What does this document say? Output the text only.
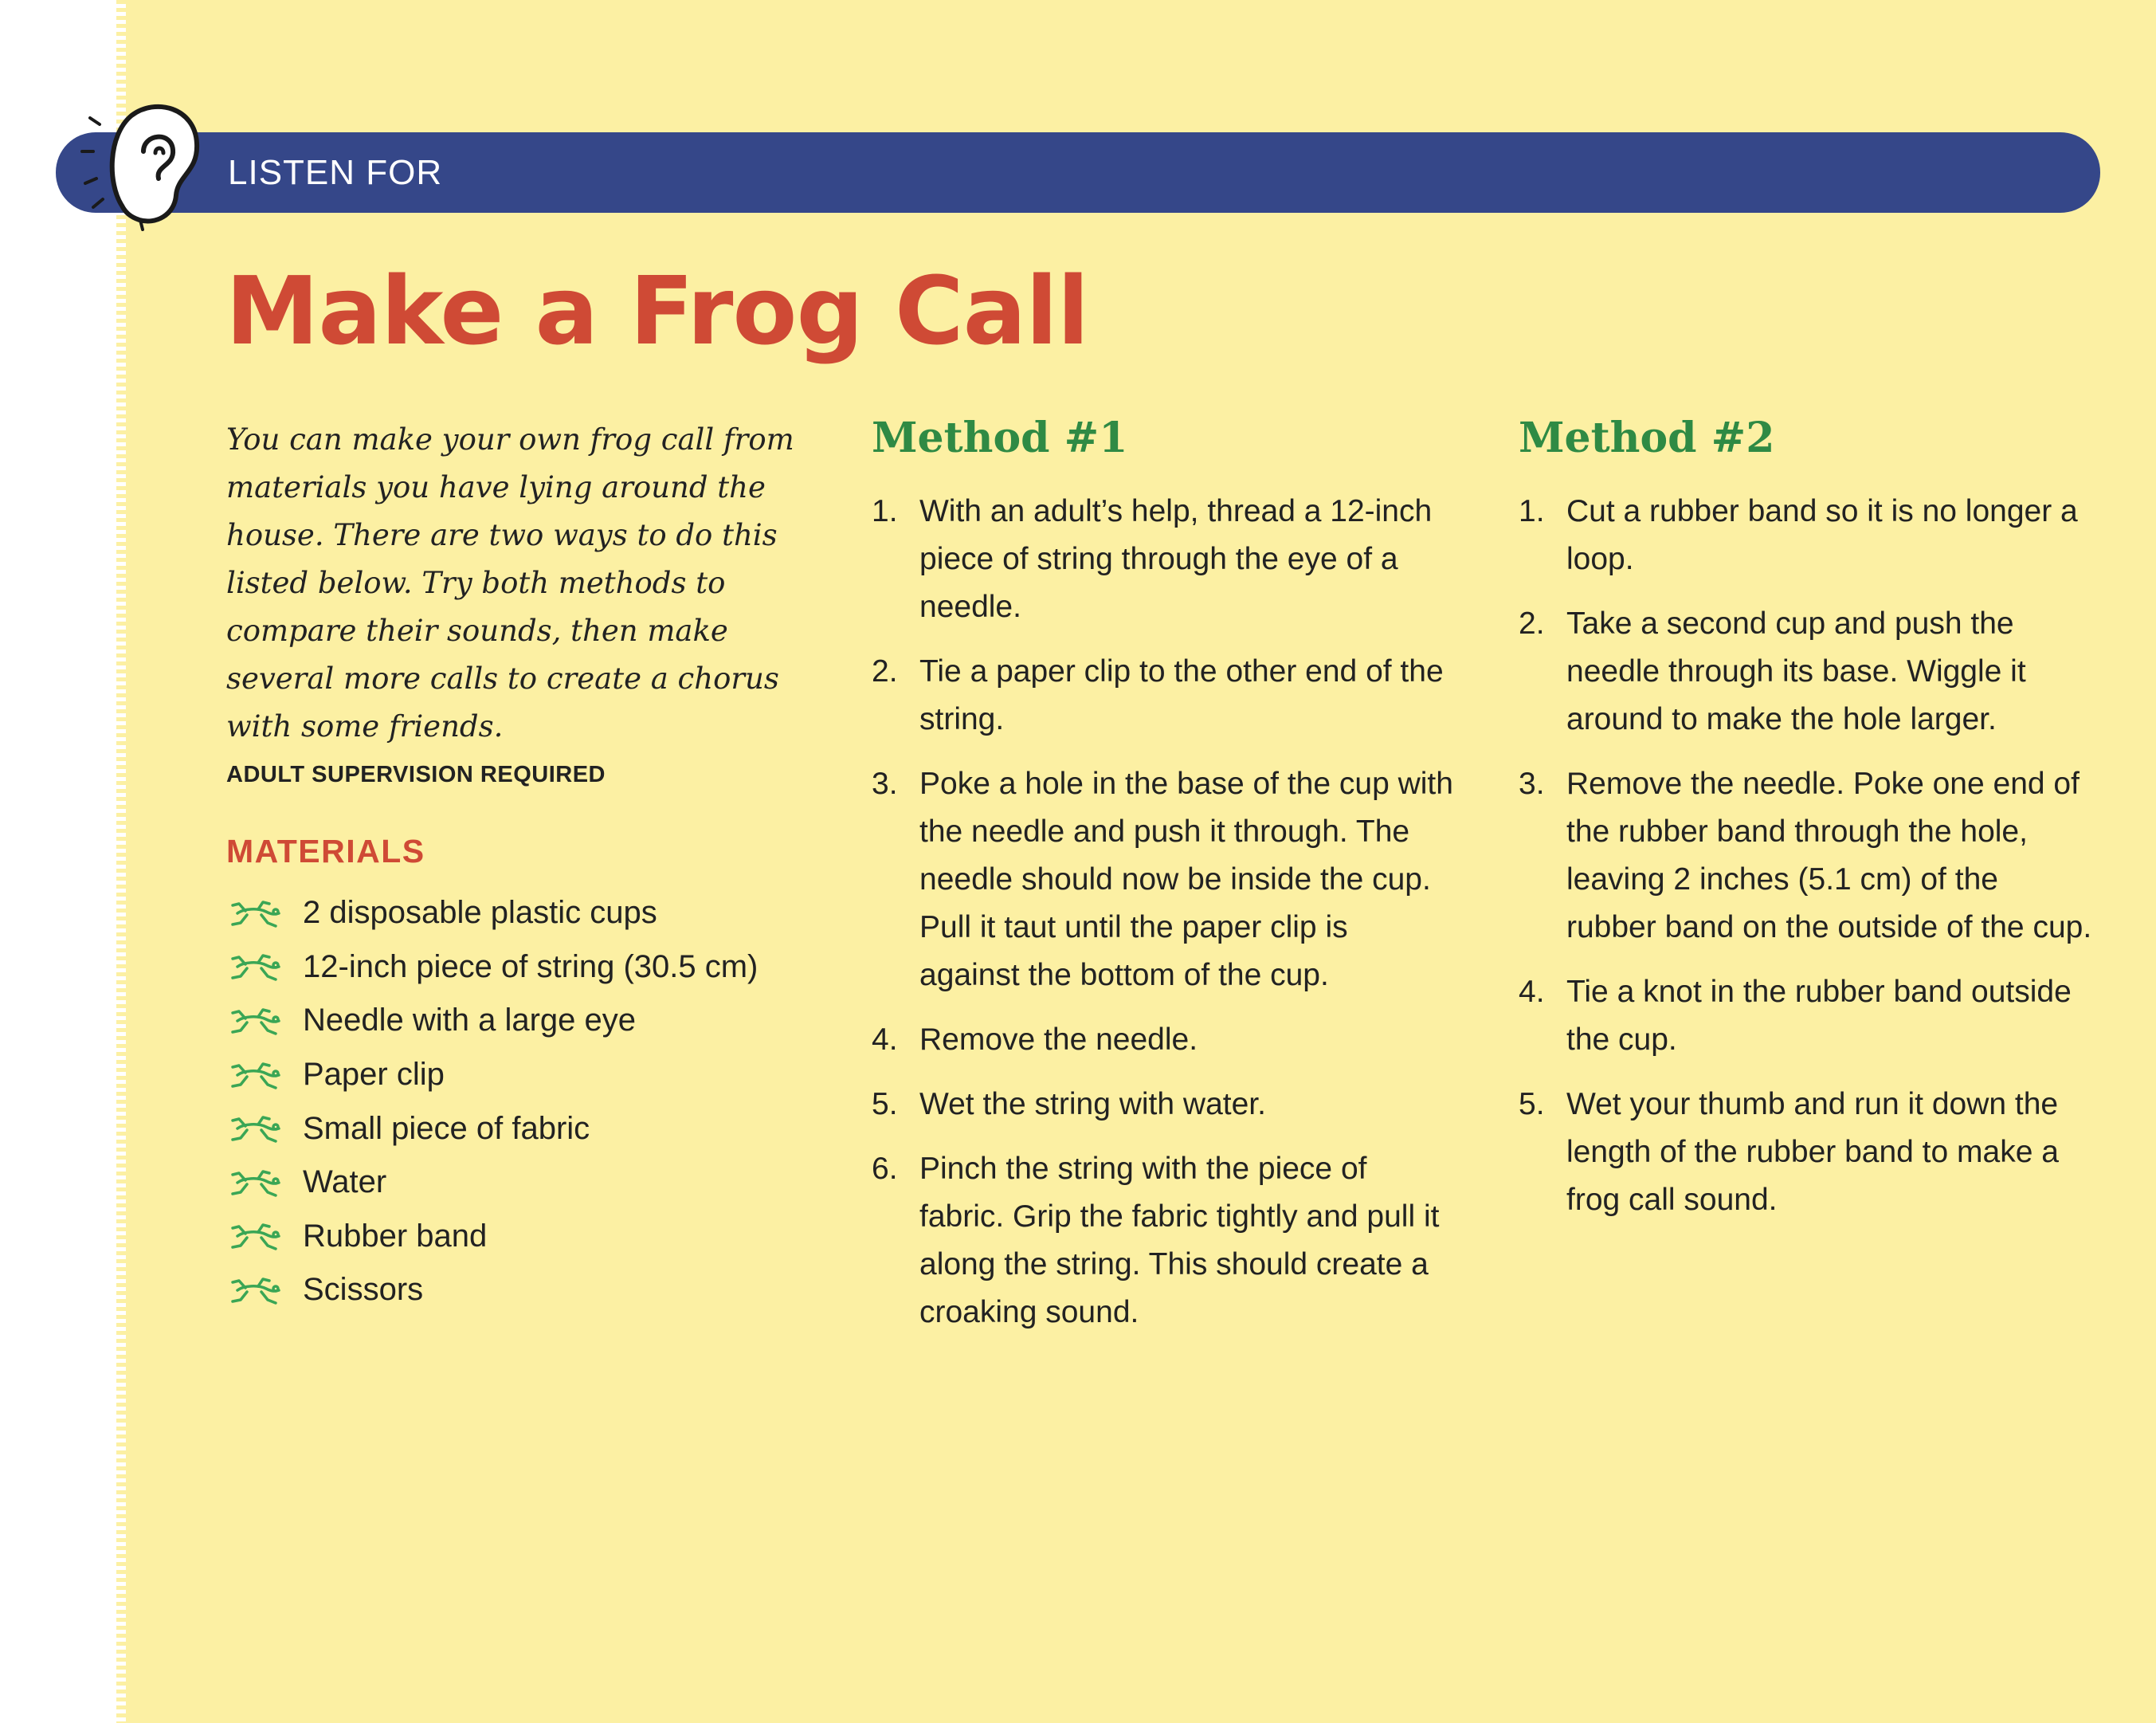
LISTEN FOR
Make a Frog Call

You can make your own frog call from materials you have lying around the house. There are two ways to do this listed below. Try both methods to compare their sounds, then make several more calls to create a chorus with some friends.

ADULT SUPERVISION REQUIRED
MATERIALS
2 disposable plastic cups
12-inch piece of string (30.5 cm)
Needle with a large eye
Paper clip
Small piece of fabric
Water
Rubber band
Scissors
Method #1
1. With an adult’s help, thread a 12-inch piece of string through the eye of a needle.
2. Tie a paper clip to the other end of the string.
3. Poke a hole in the base of the cup with the needle and push it through. The needle should now be inside the cup. Pull it taut until the paper clip is against the bottom of the cup.
4. Remove the needle.
5. Wet the string with water.
6. Pinch the string with the piece of fabric. Grip the fabric tightly and pull it along the string. This should create a croaking sound.
Method #2
1. Cut a rubber band so it is no longer a loop.
2. Take a second cup and push the needle through its base. Wiggle it around to make the hole larger.
3. Remove the needle. Poke one end of the rubber band through the hole, leaving 2 inches (5.1 cm) of the rubber band on the outside of the cup.
4. Tie a knot in the rubber band outside the cup.
5. Wet your thumb and run it down the length of the rubber band to make a frog call sound.
